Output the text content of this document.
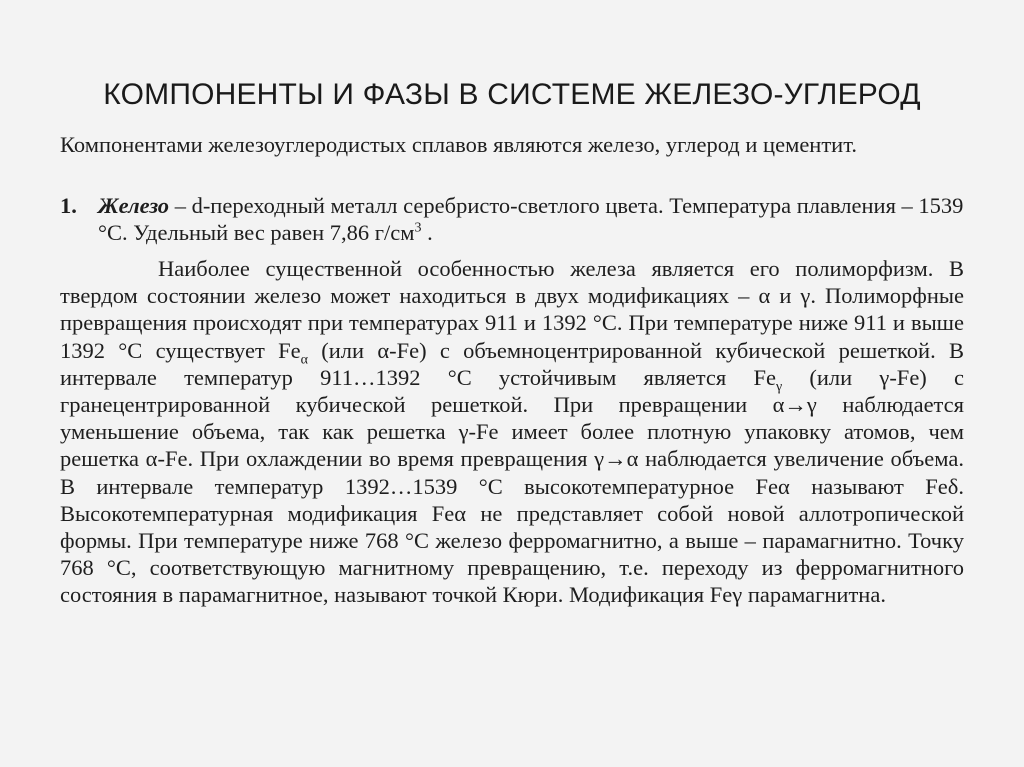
КОМПОНЕНТЫ И ФАЗЫ В СИСТЕМЕ ЖЕЛЕЗО-УГЛЕРОД
Компонентами железоуглеродистых сплавов являются железо, углерод и цементит.
1. Железо – d-переходный металл серебристо-светлого цвета. Температура плавления – 1539 °С. Удельный вес равен 7,86 $г/см^3$ .
Наиболее существенной особенностью железа является его полиморфизм. В твердом состоянии железо может находиться в двух модификациях – α и γ. Полиморфные превращения происходят при температурах 911 и 1392 °С. При температуре ниже 911 и выше 1392 °С существует $Fe_\alpha$ (или α-Fe) с объемноцентрированной кубической решеткой. В интервале температур 911…1392 °С устойчивым является $Fe_\gamma$ (или γ-Fe) с гранецентрированной кубической решеткой. При превращении α→γ наблюдается уменьшение объема, так как решетка γ-Fe имеет более плотную упаковку атомов, чем решетка α-Fe. При охлаждении во время превращения γ→α наблюдается увеличение объема. В интервале температур 1392…1539 °С высокотемпературное Feα называют Feδ. Высокотемпературная модификация Feα не представляет собой новой аллотропической формы. При температуре ниже 768 °С железо ферромагнитно, а выше – парамагнитно. Точку 768 °С, соответствующую магнитному превращению, т.е. переходу из ферромагнитного состояния в парамагнитное, называют точкой Кюри. Модификация Feγ парамагнитна.
